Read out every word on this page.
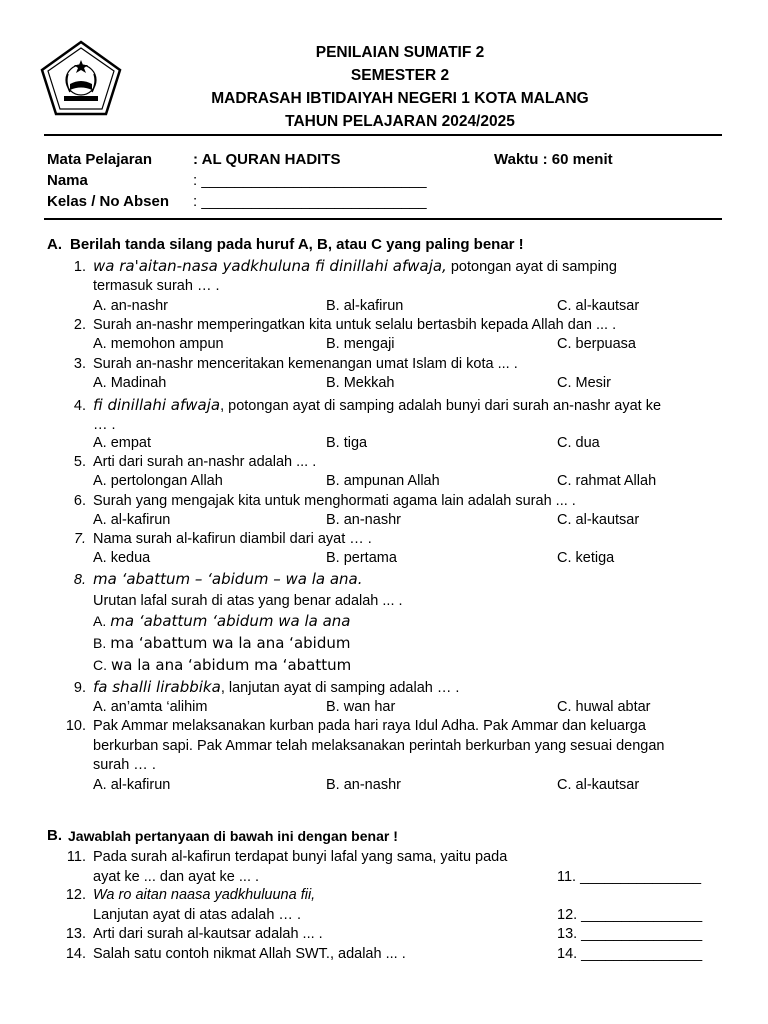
PENILAIAN SUMATIF 2
SEMESTER 2
MADRASAH IBTIDAIYAH NEGERI 1 KOTA MALANG
TAHUN PELAJARAN 2024/2025
Mata Pelajaran	: AL QURAN HADITS	Waktu : 60 menit
Nama	: ___________________________
Kelas / No Absen : ___________________________
A. Berilah tanda silang pada huruf A, B, atau C yang paling benar !
1. wa ra'aitan-nasa yadkhuluna fi dinillahi afwaja, potongan ayat di samping
termasuk surah … .
A. an-nashr	B. al-kafirun	C. al-kautsar
2. Surah an-nashr memperingatkan kita untuk selalu bertasbih kepada Allah dan ... .
A. memohon ampun	B. mengaji	C. berpuasa
3. Surah an-nashr menceritakan kemenangan umat Islam di kota ... .
A. Madinah	B. Mekkah	C. Mesir
4. fi dinillahi afwaja, potongan ayat di samping adalah bunyi dari surah an-nashr ayat ke
… .
A. empat	B. tiga	C. dua
5. Arti dari surah an-nashr adalah ... .
A. pertolongan Allah	B. ampunan Allah	C. rahmat Allah
6. Surah yang mengajak kita untuk menghormati agama lain adalah surah ... .
A. al-kafirun	B. an-nashr	C. al-kautsar
7. Nama surah al-kafirun diambil dari ayat … .
A. kedua	B. pertama	C. ketiga
8. ma ‘abattum – ‘abidum – wa la ana.
Urutan lafal surah di atas yang benar adalah ... .
A. ma ‘abattum ‘abidum wa la ana
B. ma ‘abattum wa la ana ‘abidum
C. wa la ana ‘abidum ma ‘abattum
9. fa shalli lirabbika, lanjutan ayat di samping adalah … .
A. an’amta ‘alihim	B. wan har	C. huwal abtar
10. Pak Ammar melaksanakan kurban pada hari raya Idul Adha. Pak Ammar dan keluarga
berkurban sapi. Pak Ammar telah melaksanakan perintah berkurban yang sesuai dengan
surah … .
A. al-kafirun	B. an-nashr	C. al-kautsar
B. Jawablah pertanyaan di bawah ini dengan benar !
11. Pada surah al-kafirun terdapat bunyi lafal yang sama, yaitu pada
ayat ke ... dan ayat ke ... .	11. _______________
12. Wa ro aitan naasa yadkhuluuna fii,
Lanjutan ayat di atas adalah … .	12. _______________
13. Arti dari surah al-kautsar adalah ... .	13. _______________
14. Salah satu contoh nikmat Allah SWT., adalah ... .	14. _______________
